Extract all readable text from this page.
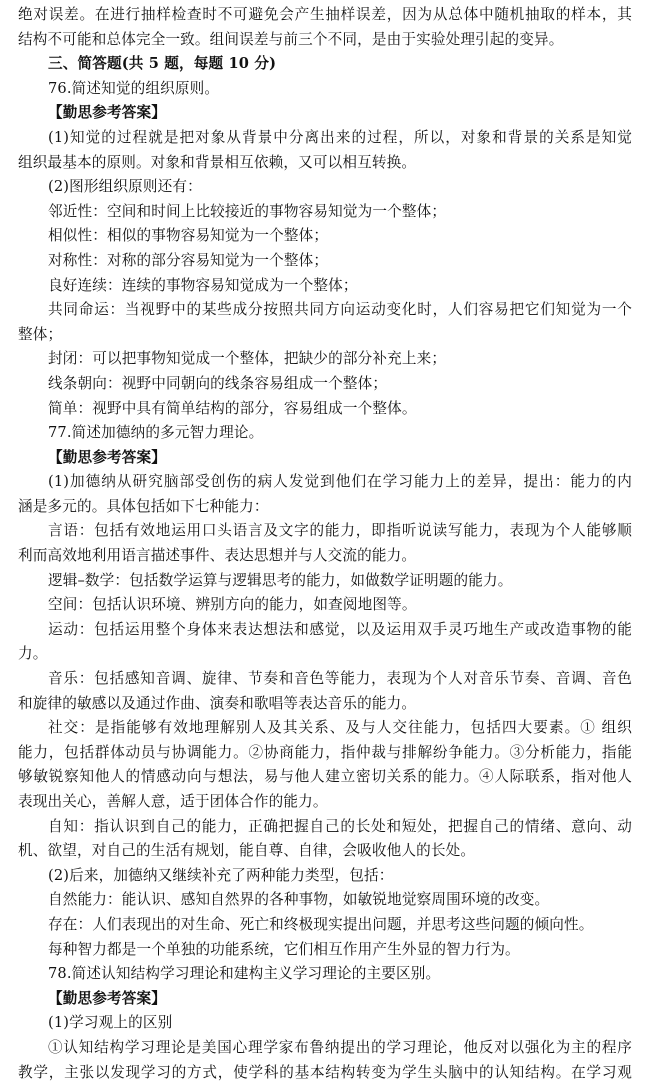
绝对误差。在进行抽样检查时不可避免会产生抽样误差，因为从总体中随机抽取的样本，其
结构不可能和总体完全一致。组间误差与前三个不同，是由于实验处理引起的变异。
三、简答题(共 5 题，每题 10 分)
76.简述知觉的组织原则。
【勤思参考答案】
(1)知觉的过程就是把对象从背景中分离出来的过程，所以，对象和背景的关系是知觉
组织最基本的原则。对象和背景相互依赖，又可以相互转换。
(2)图形组织原则还有：
邻近性：空间和时间上比较接近的事物容易知觉为一个整体；
相似性：相似的事物容易知觉为一个整体；
对称性：对称的部分容易知觉为一个整体；
良好连续：连续的事物容易知觉成为一个整体；
共同命运：当视野中的某些成分按照共同方向运动变化时，人们容易把它们知觉为一个
整体；
封闭：可以把事物知觉成一个整体，把缺少的部分补充上来；
线条朝向：视野中同朝向的线条容易组成一个整体；
简单：视野中具有简单结构的部分，容易组成一个整体。
77.简述加德纳的多元智力理论。
【勤思参考答案】
(1)加德纳从研究脑部受创伤的病人发觉到他们在学习能力上的差异，提出：能力的内
涵是多元的。具体包括如下七种能力：
言语：包括有效地运用口头语言及文字的能力，即指听说读写能力，表现为个人能够顺
利而高效地利用语言描述事件、表达思想并与人交流的能力。
逻辑–数学：包括数学运算与逻辑思考的能力，如做数学证明题的能力。
空间：包括认识环境、辨别方向的能力，如查阅地图等。
运动：包括运用整个身体来表达想法和感觉，以及运用双手灵巧地生产或改造事物的能
力。
音乐：包括感知音调、旋律、节奏和音色等能力，表现为个人对音乐节奏、音调、音色
和旋律的敏感以及通过作曲、演奏和歌唱等表达音乐的能力。
社交：是指能够有效地理解别人及其关系、及与人交往能力，包括四大要素。① 组织
能力，包括群体动员与协调能力。②协商能力，指仲裁与排解纷争能力。③分析能力，指能
够敏锐察知他人的情感动向与想法，易与他人建立密切关系的能力。④人际联系，指对他人
表现出关心，善解人意，适于团体合作的能力。
自知：指认识到自己的能力，正确把握自己的长处和短处，把握自己的情绪、意向、动
机、欲望，对自己的生活有规划，能自尊、自律，会吸收他人的长处。
(2)后来，加德纳又继续补充了两种能力类型，包括：
自然能力：能认识、感知自然界的各种事物，如敏锐地觉察周围环境的改变。
存在：人们表现出的对生命、死亡和终极现实提出问题，并思考这些问题的倾向性。
每种智力都是一个单独的功能系统，它们相互作用产生外显的智力行为。
78.简述认知结构学习理论和建构主义学习理论的主要区别。
【勤思参考答案】
(1)学习观上的区别
①认知结构学习理论是美国心理学家布鲁纳提出的学习理论，他反对以强化为主的程序
教学，主张以发现学习的方式，使学科的基本结构转变为学生头脑中的认知结构。在学习观
